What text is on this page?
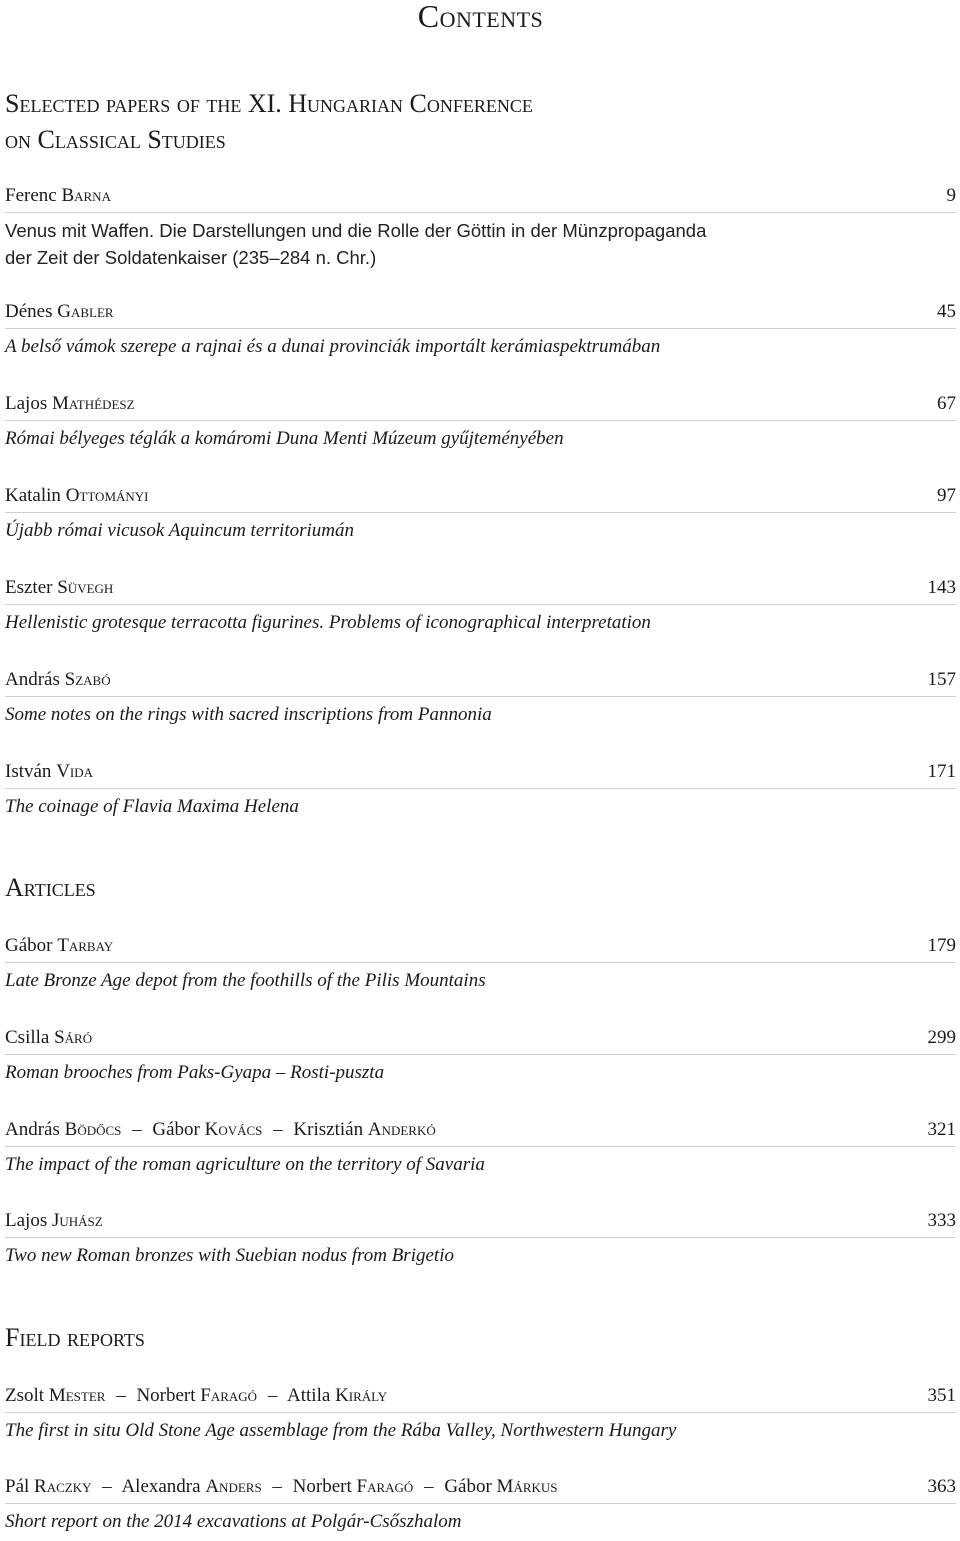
Contents
Selected papers of the XI. Hungarian Conference
on Classical Studies
Ferenc Barna	9
Venus mit Waffen. Die Darstellungen und die Rolle der Göttin in der Münzpropaganda
der Zeit der Soldatenkaiser (235–284 n. Chr.)
Dénes Gabler	45
A belső vámok szerepe a rajnai és a dunai provinciák importált kerámiaspektrumában
Lajos Mathédesz	67
Római bélyeges téglák a komáromi Duna Menti Múzeum gyűjteményében
Katalin Ottományi	97
Újabb római vicusok Aquincum territoriumán
Eszter Süvegh	143
Hellenistic grotesque terracotta figurines. Problems of iconographical interpretation
András Szabó	157
Some notes on the rings with sacred inscriptions from Pannonia
István Vida	171
The coinage of Flavia Maxima Helena
Articles
Gábor Tarbay	179
Late Bronze Age depot from the foothills of the Pilis Mountains
Csilla Sáró	299
Roman brooches from Paks-Gyapa – Rosti-puszta
András Bödőcs – Gábor Kovács – Krisztián Anderkó	321
The impact of the roman agriculture on the territory of Savaria
Lajos Juhász	333
Two new Roman bronzes with Suebian nodus from Brigetio
Field reports
Zsolt Mester – Norbert Faragó – Attila Király	351
The first in situ Old Stone Age assemblage from the Rába Valley, Northwestern Hungary
Pál Raczky – Alexandra Anders – Norbert Faragó – Gábor Márkus	363
Short report on the 2014 excavations at Polgár-Csőszhalom
